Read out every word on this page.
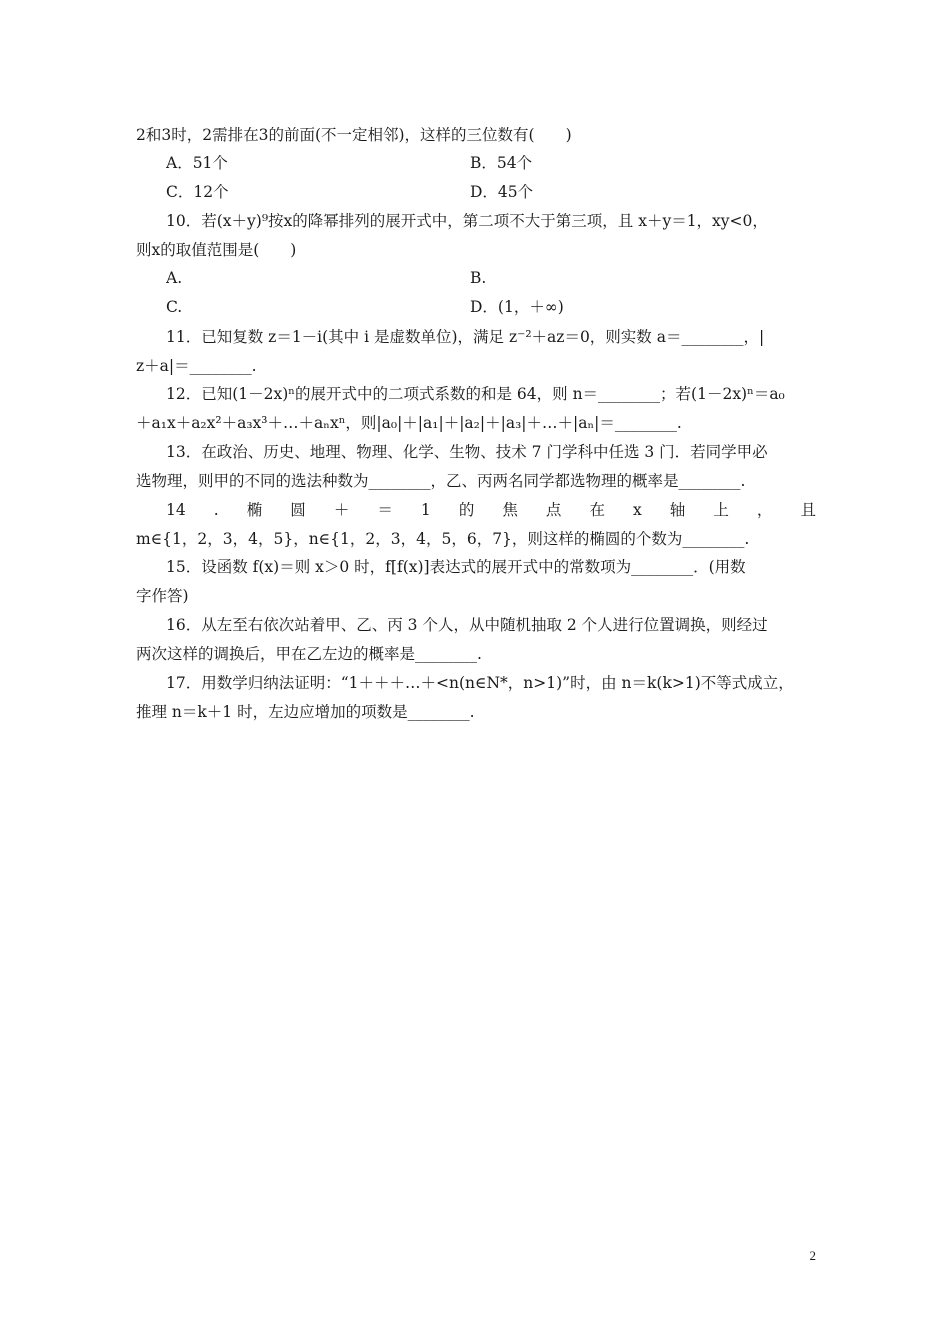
2和3时，2需排在3的前面(不一定相邻)，这样的三位数有(　　)
A．51个	B．54个
C．12个	D．45个
10．若(x＋y)⁹按x的降幂排列的展开式中，第二项不大于第三项，且 x＋y＝1，xy<0，
则x的取值范围是(　　)
A.	B.
C.	D．(1，＋∞)
11．已知复数 z＝1－i(其中 i 是虚数单位)，满足 z⁻²＋az＝0，则实数 a＝________，|
z＋a|＝________.
12．已知(1－2x)ⁿ的展开式中的二项式系数的和是 64，则 n＝________；若(1－2x)ⁿ＝a₀
＋a₁x＋a₂x²＋a₃x³＋…＋aₙxⁿ，则|a₀|＋|a₁|＋|a₂|＋|a₃|＋…＋|aₙ|＝________.
13．在政治、历史、地理、物理、化学、生物、技术 7 门学科中任选 3 门．若同学甲必
选物理，则甲的不同的选法种数为________，乙、丙两名同学都选物理的概率是________.
14 . 椭 圆 ＋ ＝ 1 的 焦 点 在 x 轴 上 ， 且
m∈{1，2，3，4，5}，n∈{1，2，3，4，5，6，7}，则这样的椭圆的个数为________.
15．设函数 f(x)＝则 x＞0 时，f[f(x)]表达式的展开式中的常数项为________．(用数
字作答)
16．从左至右依次站着甲、乙、丙 3 个人，从中随机抽取 2 个人进行位置调换，则经过
两次这样的调换后，甲在乙左边的概率是________.
17．用数学归纳法证明：“1＋＋＋…＋<n(n∈N*，n>1)”时，由 n＝k(k>1)不等式成立，
推理 n＝k＋1 时，左边应增加的项数是________.
2
